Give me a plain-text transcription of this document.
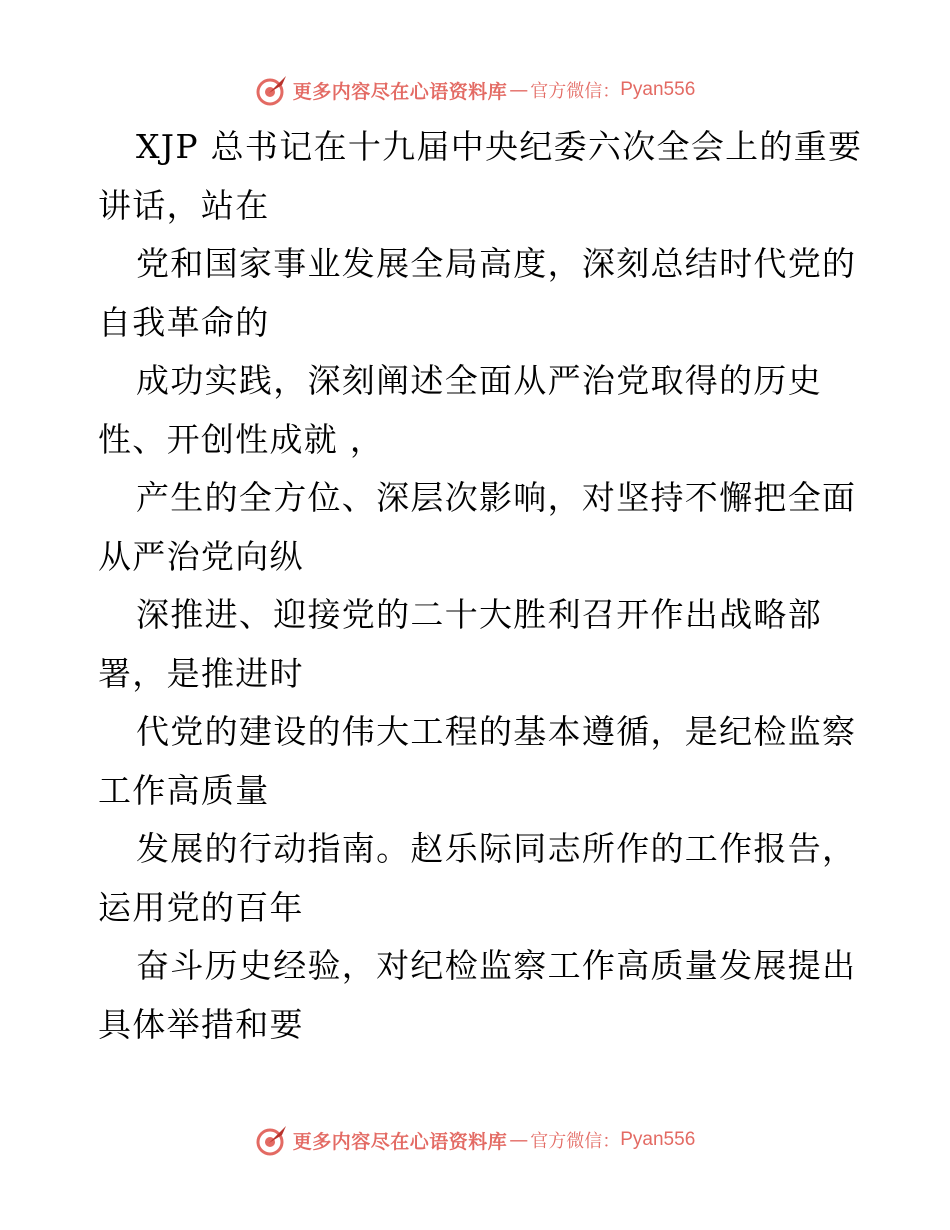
更多内容尽在心语资料库 — 官方微信： Pyan556
XJP 总书记在十九届中央纪委六次全会上的重要
讲话，站在
党和国家事业发展全局高度，深刻总结时代党的
自我革命的
成功实践，深刻阐述全面从严治党取得的历史
性、开创性成就 ，
产生的全方位、深层次影响，对坚持不懈把全面
从严治党向纵
深推进、迎接党的二十大胜利召开作出战略部
署，是推进时
代党的建设的伟大工程的基本遵循，是纪检监察
工作高质量
发展的行动指南。赵乐际同志所作的工作报告，
运用党的百年
奋斗历史经验，对纪检监察工作高质量发展提出
具体举措和要
更多内容尽在心语资料库 — 官方微信： Pyan556
